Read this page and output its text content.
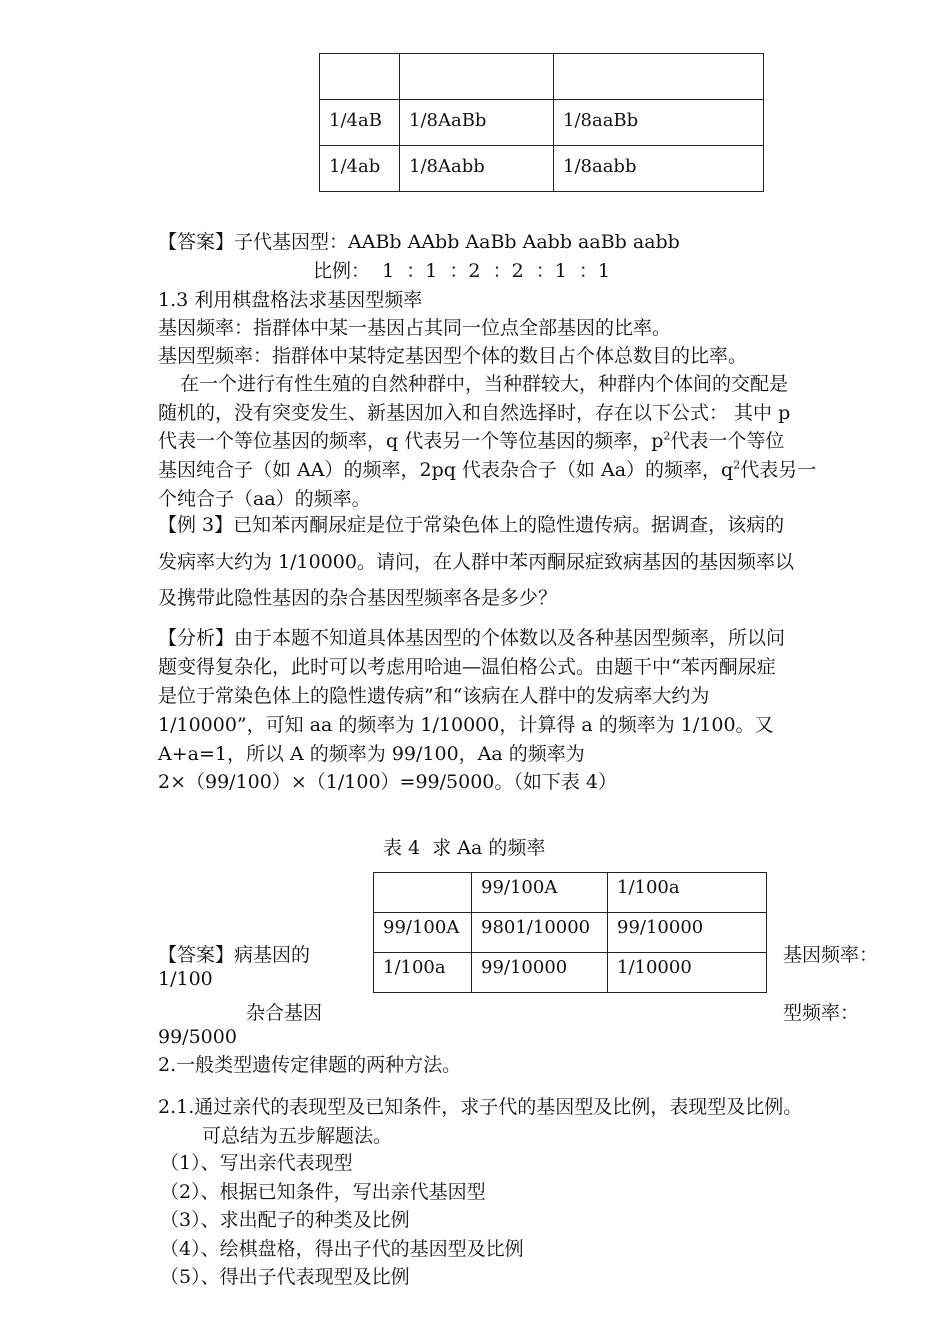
1/4aB	1/8AaBb	1/8aaBb
1/4ab	1/8Aabb	1/8aabb
【答案】子代基因型：AABb AAbb AaBb Aabb aaBb aabb
比例：  1  ：1  ：2  ：2  ：1  ：1
1.3 利用棋盘格法求基因型频率
基因频率：指群体中某一基因占其同一位点全部基因的比率。
基因型频率：指群体中某特定基因型个体的数目占个体总数目的比率。
在一个进行有性生殖的自然种群中，当种群较大，种群内个体间的交配是
随机的，没有突变发生、新基因加入和自然选择时，存在以下公式： 其中 p
代表一个等位基因的频率，q 代表另一个等位基因的频率，$p^2$代表一个等位
基因纯合子（如 AA）的频率，2pq 代表杂合子（如 Aa）的频率，$q^2$代表另一
个纯合子（aa）的频率。
【例 3】已知苯丙酮尿症是位于常染色体上的隐性遗传病。据调查，该病的
发病率大约为 1/10000。请问，在人群中苯丙酮尿症致病基因的基因频率以
及携带此隐性基因的杂合基因型频率各是多少？
【分析】由于本题不知道具体基因型的个体数以及各种基因型频率，所以问
题变得复杂化，此时可以考虑用哈迪—温伯格公式。由题干中“苯丙酮尿症
是位于常染色体上的隐性遗传病”和“该病在人群中的发病率大约为
1/10000”，可知 aa 的频率为 1/10000，计算得 a 的频率为 1/100。又
A+a=1，所以 A 的频率为 99/100，Aa 的频率为
2×（99/100）×（1/100）=99/5000。（如下表 4）
表 4  求 Aa 的频率
	99/100A	1/100a
99/100A	9801/10000	99/10000
1/100a	99/10000	1/10000
【答案】病基因的
1/100
杂合基因
99/5000
基因频率：
型频率：
2.一般类型遗传定律题的两种方法。
2.1.通过亲代的表现型及已知条件，求子代的基因型及比例，表现型及比例。
可总结为五步解题法。
（1）、写出亲代表现型
（2）、根据已知条件，写出亲代基因型
（3）、求出配子的种类及比例
（4）、绘棋盘格，得出子代的基因型及比例
（5）、得出子代表现型及比例
